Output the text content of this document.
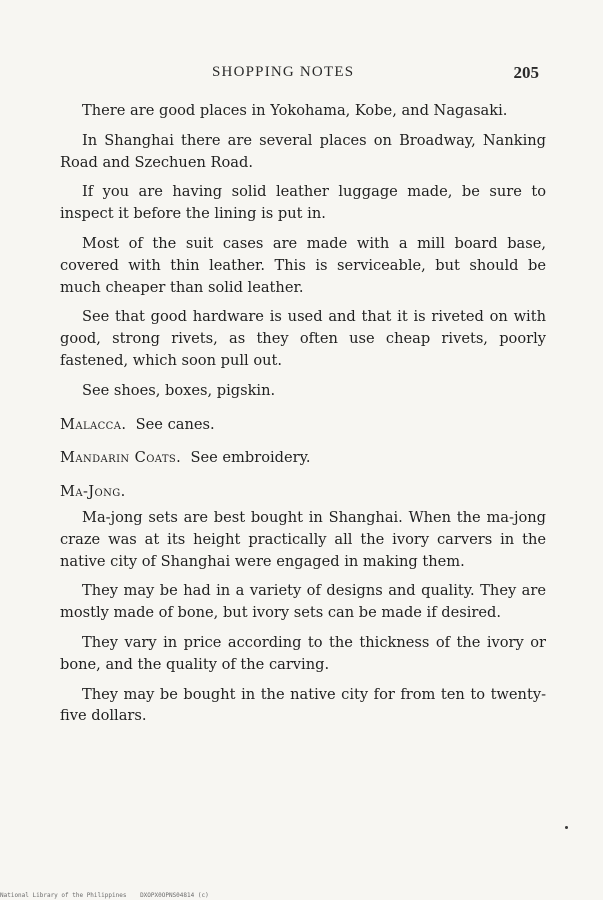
SHOPPING NOTES	205

There are good places in Yokohama, Kobe, and Nagasaki.

In Shanghai there are several places on Broadway, Nanking Road and Szechuen Road.

If you are having solid leather luggage made, be sure to inspect it before the lining is put in.

Most of the suit cases are made with a mill board base, covered with thin leather. This is serviceable, but should be much cheaper than solid leather.

See that good hardware is used and that it is riveted on with good, strong rivets, as they often use cheap rivets, poorly fastened, which soon pull out.

See shoes, boxes, pigskin.

Malacca. See canes.

Mandarin Coats. See embroidery.

Ma-Jong.

Ma-jong sets are best bought in Shanghai. When the ma-jong craze was at its height practically all the ivory carvers in the native city of Shanghai were engaged in making them.

They may be had in a variety of designs and quality. They are mostly made of bone, but ivory sets can be made if desired.

They vary in price according to the thickness of the ivory or bone, and the quality of the carving.

They may be bought in the native city for from ten to twenty-five dollars.

National Library of the Philippines DXOPX0OPNS04814 (c)
